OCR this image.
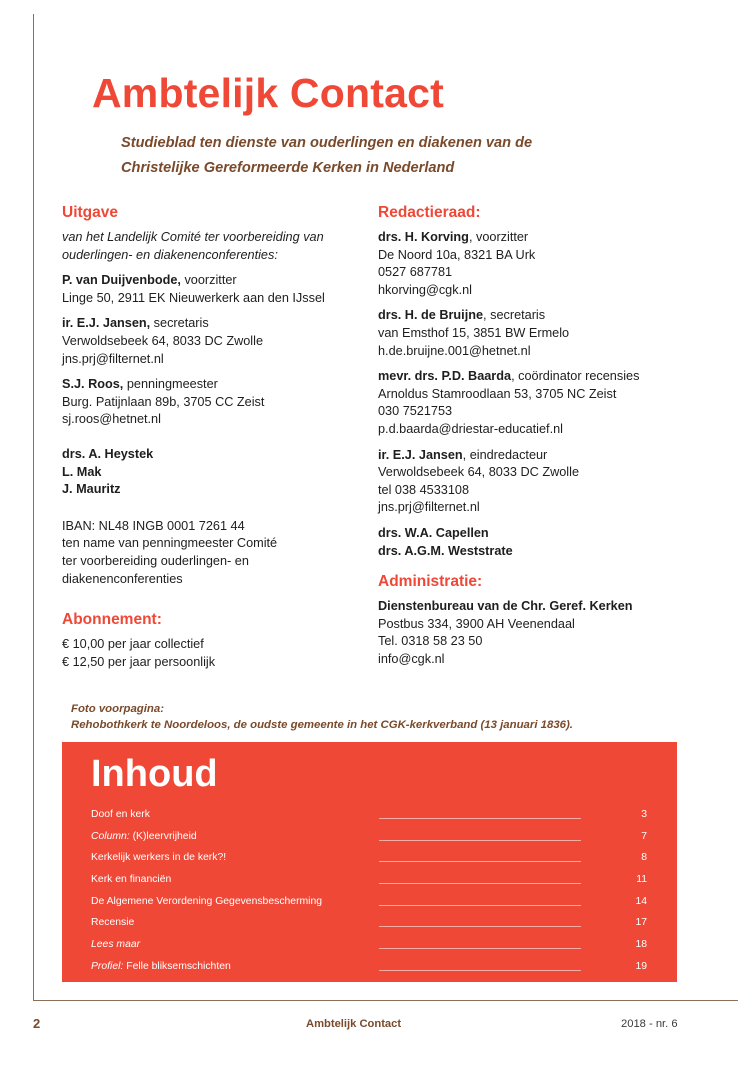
Ambtelijk Contact
Studieblad ten dienste van ouderlingen en diakenen van de
Christelijke Gereformeerde Kerken in Nederland
Uitgave
van het Landelijk Comité ter voorbereiding van
ouderlingen- en diakenenconferenties:
P. van Duijvenbode, voorzitter
Linge 50, 2911 EK Nieuwerkerk aan den IJssel
ir. E.J. Jansen, secretaris
Verwoldsebeek 64, 8033 DC Zwolle
jns.prj@filternet.nl
S.J. Roos, penningmeester
Burg. Patijnlaan 89b, 3705 CC Zeist
sj.roos@hetnet.nl
drs. A. Heystek
L. Mak
J. Mauritz
IBAN: NL48 INGB 0001 7261 44
ten name van penningmeester Comité
ter voorbereiding ouderlingen- en
diakenenconferenties
Abonnement:
€ 10,00 per jaar collectief
€ 12,50 per jaar persoonlijk
Redactieraad:
drs. H. Korving, voorzitter
De Noord 10a, 8321 BA Urk
0527 687781
hkorving@cgk.nl
drs. H. de Bruijne, secretaris
van Emsthof 15, 3851 BW Ermelo
h.de.bruijne.001@hetnet.nl
mevr. drs. P.D. Baarda, coördinator recensies
Arnoldus Stamroodlaan 53, 3705 NC Zeist
030 7521753
p.d.baarda@driestar-educatief.nl
ir. E.J. Jansen, eindredacteur
Verwoldsebeek 64, 8033 DC Zwolle
tel 038 4533108
jns.prj@filternet.nl
drs. W.A. Capellen
drs. A.G.M. Weststrate
Administratie:
Dienstenbureau van de Chr. Geref. Kerken
Postbus 334, 3900 AH Veenendaal
Tel. 0318 58 23 50
info@cgk.nl
Foto voorpagina:
Rehobothkerk te Noordeloos, de oudste gemeente in het CGK-kerkverband (13 januari 1836).
Inhoud
Doof en kerk	3
Column: (K)leervrijheid	7
Kerkelijk werkers in de kerk?!	8
Kerk en financiën	11
De Algemene Verordening Gegevensbescherming	14
Recensie	17
Lees maar	18
Profiel: Felle bliksemschichten	19
2	Ambtelijk Contact	2018 - nr. 6
